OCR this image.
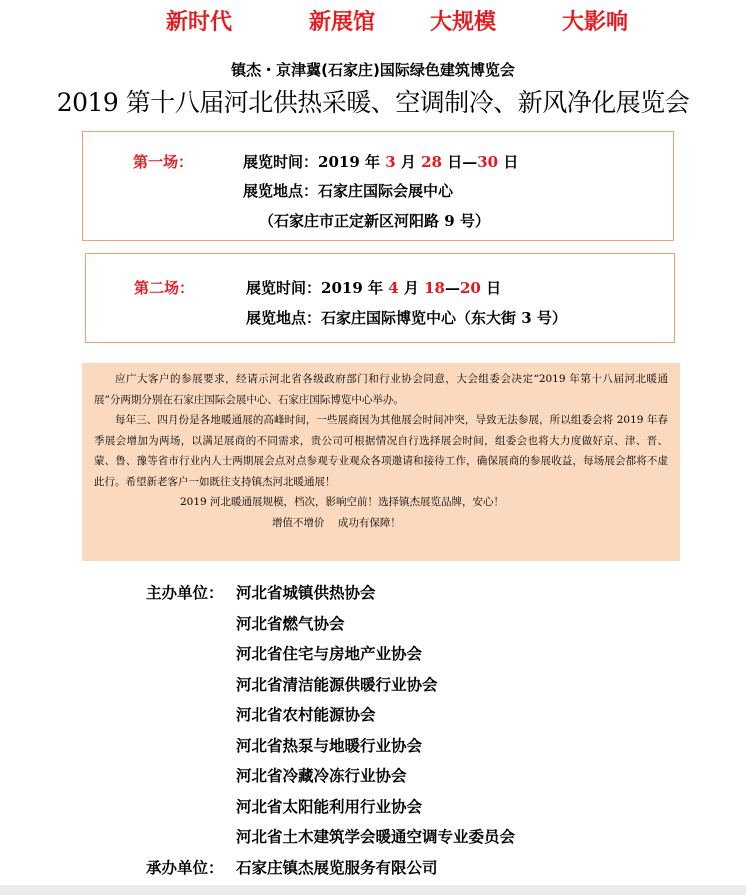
新时代	新展馆 大规模	大影响
镇杰・京津冀(石家庄)国际绿色建筑博览会
2019 第十八届河北供热采暖、空调制冷、新风净化展览会
第一场：	展览时间：2019 年 3 月 28 日—30 日
展览地点：石家庄国际会展中心
（石家庄市正定新区河阳路 9 号）
第二场：	展览时间：2019 年 4 月 18—20 日
展览地点：石家庄国际博览中心（东大街 3 号）

应广大客户的参展要求，经请示河北省各级政府部门和行业协会同意，大会组委会决定“2019 年第十八届河北暖通展”分两期分别在石家庄国际会展中心、石家庄国际博览中心举办。

每年三、四月份是各地暖通展的高峰时间，一些展商因为其他展会时间冲突，导致无法参展，所以组委会将 2019 年春季展会增加为两场，以满足展商的不同需求，贵公司可根据情况自行选择展会时间，组委会也将大力度做好京、津、晋、蒙、鲁、豫等省市行业内人士两期展会点对点参观专业观众各项邀请和接待工作，确保展商的参展收益，每场展会都将不虚此行。希望新老客户一如既往支持镇杰河北暖通展！

2019 河北暖通展规模，档次，影响空前！选择镇杰展览品牌，安心！

增值不增价    成功有保障！

主办单位： 河北省城镇供热协会
河北省燃气协会
河北省住宅与房地产业协会
河北省清洁能源供暖行业协会
河北省农村能源协会
河北省热泵与地暖行业协会
河北省冷藏冷冻行业协会
河北省太阳能利用行业协会
河北省土木建筑学会暖通空调专业委员会
承办单位： 石家庄镇杰展览服务有限公司
